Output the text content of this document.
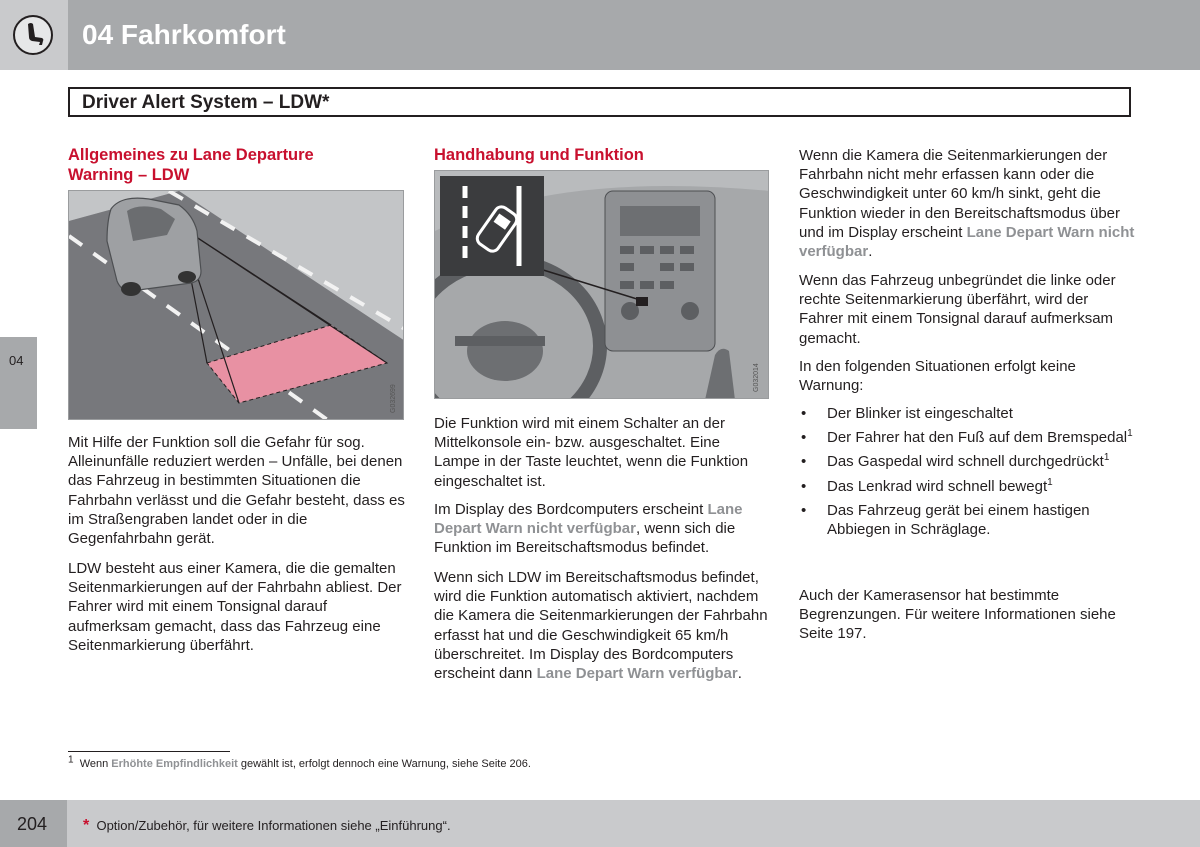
04 Fahrkomfort
Driver Alert System – LDW*
04
Allgemeines zu Lane Departure
Warning – LDW
G032699
Mit Hilfe der Funktion soll die Gefahr für sog. Alleinunfälle reduziert werden – Unfälle, bei denen das Fahrzeug in bestimmten Situationen die Fahrbahn verlässt und die Gefahr besteht, dass es im Straßengraben landet oder in die Gegenfahrbahn gerät.
LDW besteht aus einer Kamera, die die gemalten Seitenmarkierungen auf der Fahrbahn abliest. Der Fahrer wird mit einem Tonsignal darauf aufmerksam gemacht, dass das Fahrzeug eine Seitenmarkierung überfährt.
Handhabung und Funktion
G032014
Die Funktion wird mit einem Schalter an der Mittelkonsole ein- bzw. ausgeschaltet. Eine Lampe in der Taste leuchtet, wenn die Funktion eingeschaltet ist.
Im Display des Bordcomputers erscheint Lane Depart Warn nicht verfügbar, wenn sich die Funktion im Bereitschaftsmodus befindet.
Wenn sich LDW im Bereitschaftsmodus befindet, wird die Funktion automatisch aktiviert, nachdem die Kamera die Seitenmarkierungen der Fahrbahn erfasst hat und die Geschwindigkeit 65 km/h überschreitet. Im Display des Bordcomputers erscheint dann Lane Depart Warn verfügbar.
Wenn die Kamera die Seitenmarkierungen der Fahrbahn nicht mehr erfassen kann oder die Geschwindigkeit unter 60 km/h sinkt, geht die Funktion wieder in den Bereitschaftsmodus über und im Display erscheint Lane Depart Warn nicht verfügbar.
Wenn das Fahrzeug unbegründet die linke oder rechte Seitenmarkierung überfährt, wird der Fahrer mit einem Tonsignal darauf aufmerksam gemacht.
In den folgenden Situationen erfolgt keine Warnung:
• Der Blinker ist eingeschaltet
• Der Fahrer hat den Fuß auf dem Bremspedal$^1$
• Das Gaspedal wird schnell durchgedrückt$^1$
• Das Lenkrad wird schnell bewegt$^1$
• Das Fahrzeug gerät bei einem hastigen Abbiegen in Schräglage.
Auch der Kamerasensor hat bestimmte Begrenzungen. Für weitere Informationen siehe Seite 197.
$^1$ Wenn Erhöhte Empfindlichkeit gewählt ist, erfolgt dennoch eine Warnung, siehe Seite 206.
204 * Option/Zubehör, für weitere Informationen siehe „Einführung“.
